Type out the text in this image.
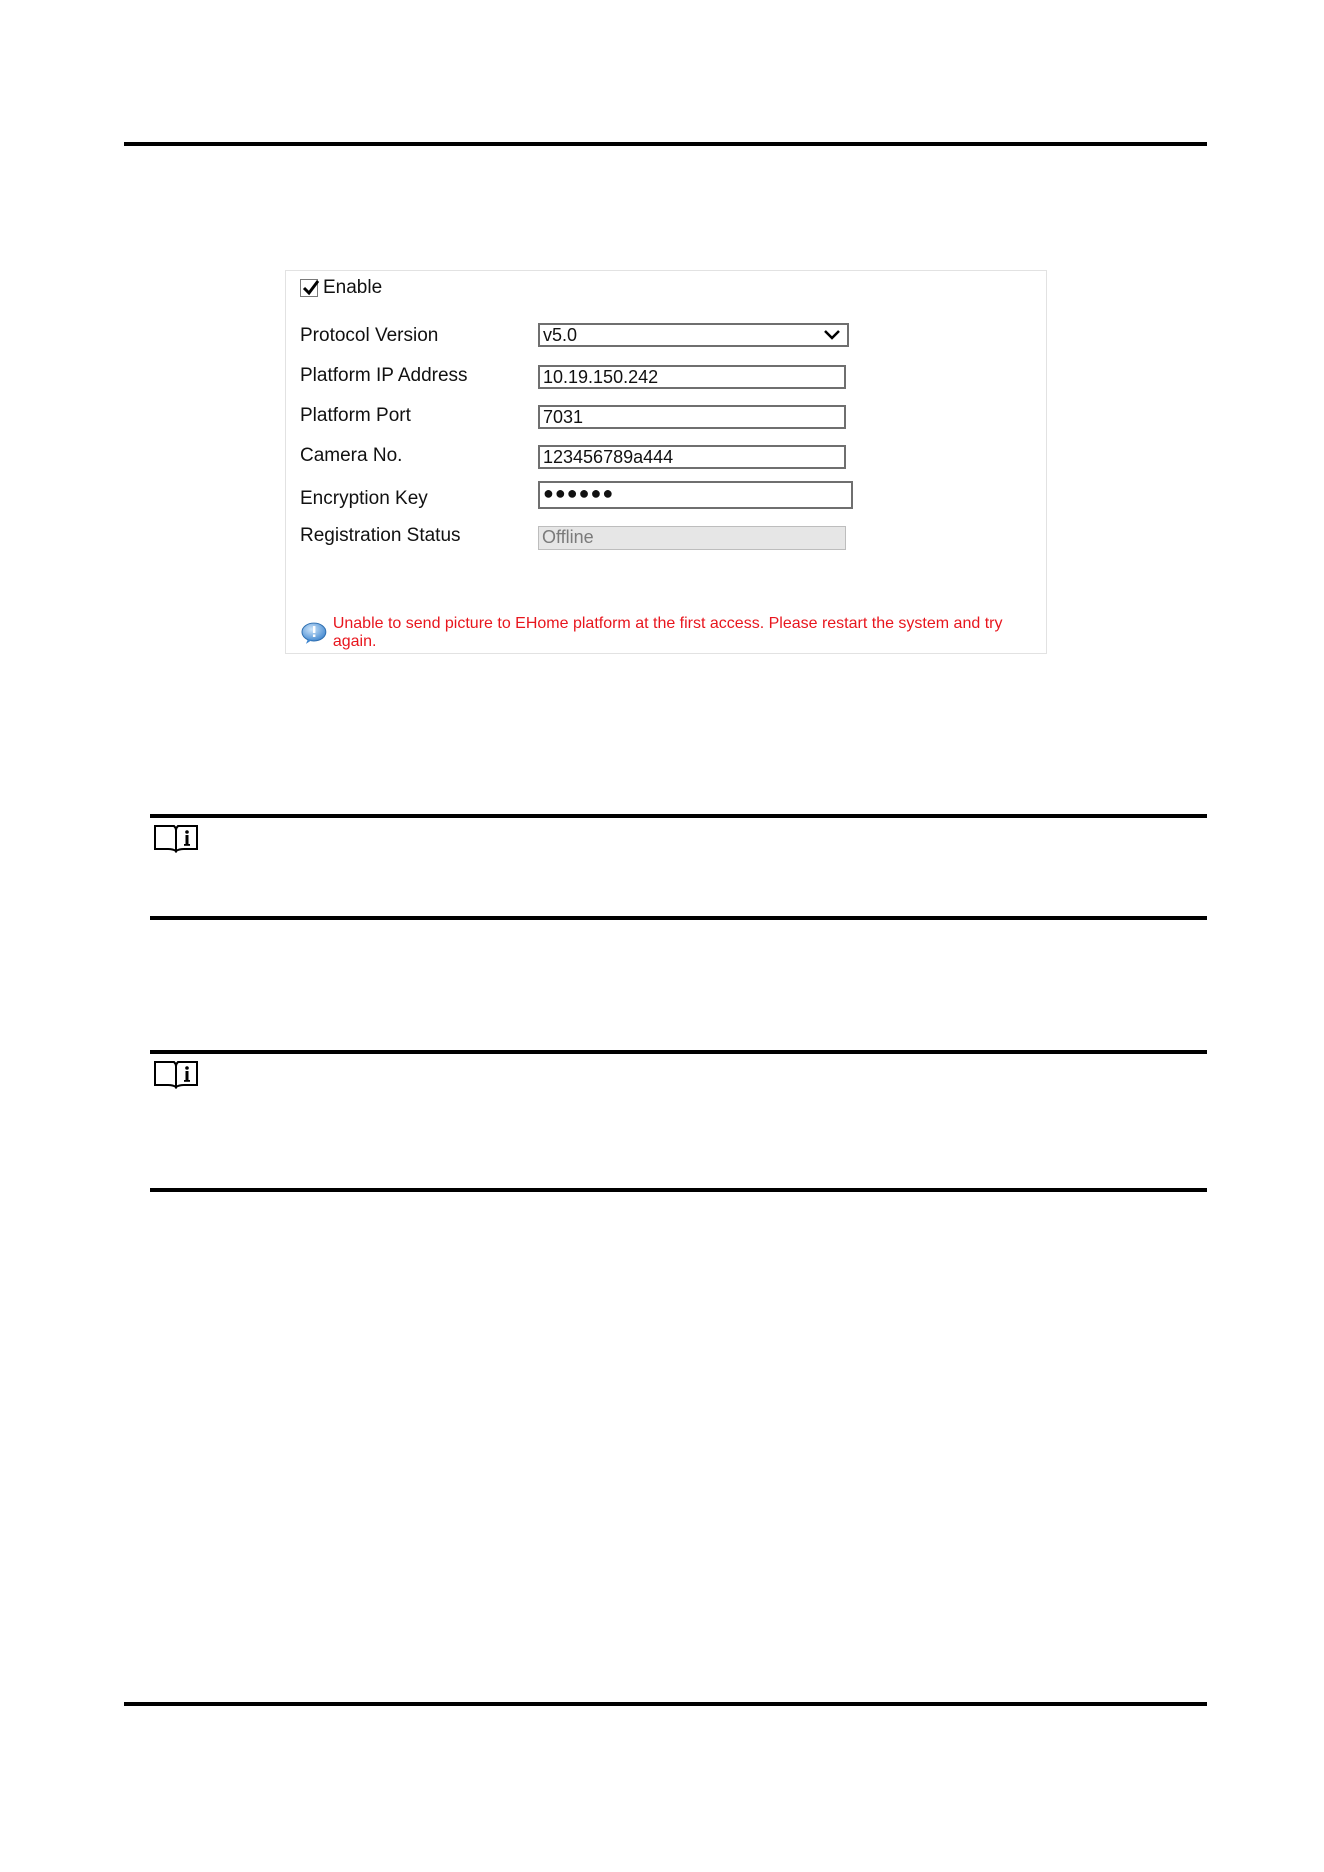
Enable
Protocol Version	v5.0
Platform IP Address	10.19.150.242
Platform Port	7031
Camera No.	123456789a444
Encryption Key	●●●●●●
Registration Status	Offline
Unable to send picture to EHome platform at the first access. Please restart the system and try again.
